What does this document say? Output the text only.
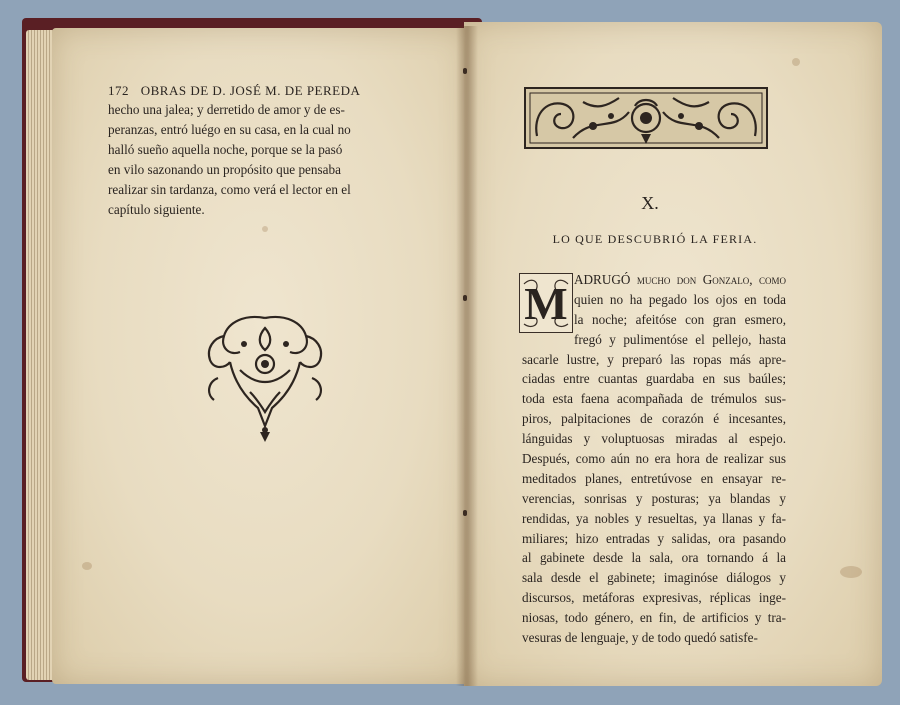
172 OBRAS DE D. JOSÉ M. DE PEREDA
hecho una jalea; y derretido de amor y de es-
peranzas, entró luégo en su casa, en la cual no
halló sueño aquella noche, porque se la pasó
en vilo sazonando un propósito que pensaba
realizar sin tardanza, como verá el lector en el
capítulo siguiente.	X.
LO QUE DESCUBRIÓ LA FERIA.
ADRUGÓ mucho don Gonzalo, como
quien no ha pegado los ojos en toda
la noche; afeitóse con gran esmero,
fregó y pulimentóse el pellejo, hasta
sacarle lustre, y preparó las ropas más apre-
ciadas entre cuantas guardaba en sus baúles;
toda esta faena acompañada de trémulos sus-
piros, palpitaciones de corazón é incesantes,
lánguidas y voluptuosas miradas al espejo.
Después, como aún no era hora de realizar sus
meditados planes, entretúvose en ensayar re-
verencias, sonrisas y posturas; ya blandas y
rendidas, ya nobles y resueltas, ya llanas y fa-
miliares; hizo entradas y salidas, ora pasando
al gabinete desde la sala, ora tornando á la
sala desde el gabinete; imaginóse diálogos y
discursos, metáforas expresivas, réplicas inge-
niosas, todo género, en fin, de artificios y tra-
vesuras de lenguaje, y de todo quedó satisfe-
M
